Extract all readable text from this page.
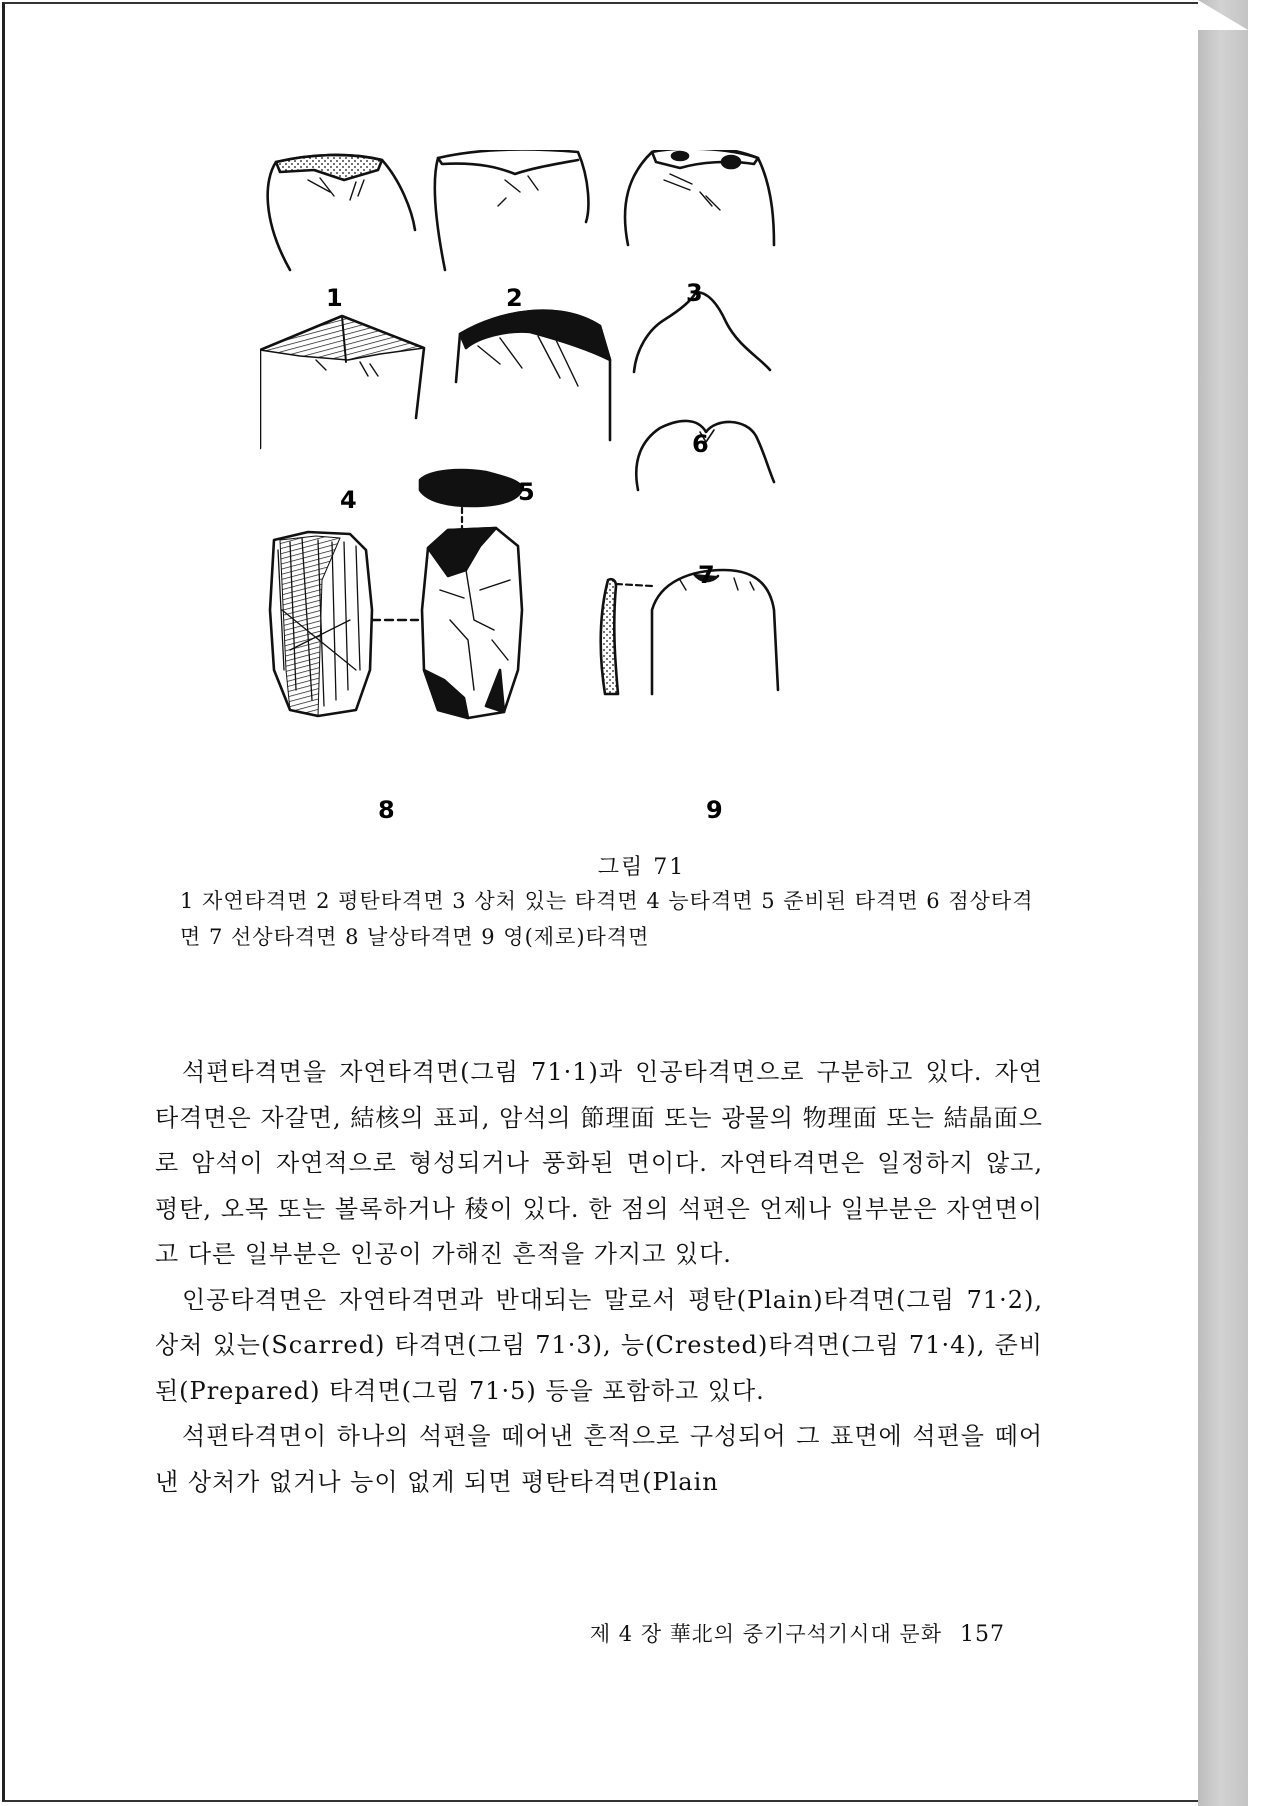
1	2	3
4	5
6
7
8	9
그림 71
1 자연타격면 2 평탄타격면 3 상처 있는 타격면 4 능타격면 5 준비된 타격면 6 점상타격면 7 선상타격면 8 날상타격면 9 영(제로)타격면

석편타격면을 자연타격면(그림 71·1)과 인공타격면으로 구분하고 있다. 자연타격면은 자갈면, 結核의 표피, 암석의 節理面 또는 광물의 物理面 또는 結晶面으로 암석이 자연적으로 형성되거나 풍화된 면이다. 자연타격면은 일정하지 않고, 평탄, 오목 또는 볼록하거나 稜이 있다. 한 점의 석편은 언제나 일부분은 자연면이고 다른 일부분은 인공이 가해진 흔적을 가지고 있다.

인공타격면은 자연타격면과 반대되는 말로서 평탄(Plain)타격면(그림 71·2), 상처 있는(Scarred) 타격면(그림 71·3), 능(Crested)타격면(그림 71·4), 준비된(Prepared) 타격면(그림 71·5) 등을 포함하고 있다.

석편타격면이 하나의 석편을 떼어낸 흔적으로 구성되어 그 표면에 석편을 떼어낸 상처가 없거나 능이 없게 되면 평탄타격면(Plain

제 4 장 華北의 중기구석기시대 문화 157
